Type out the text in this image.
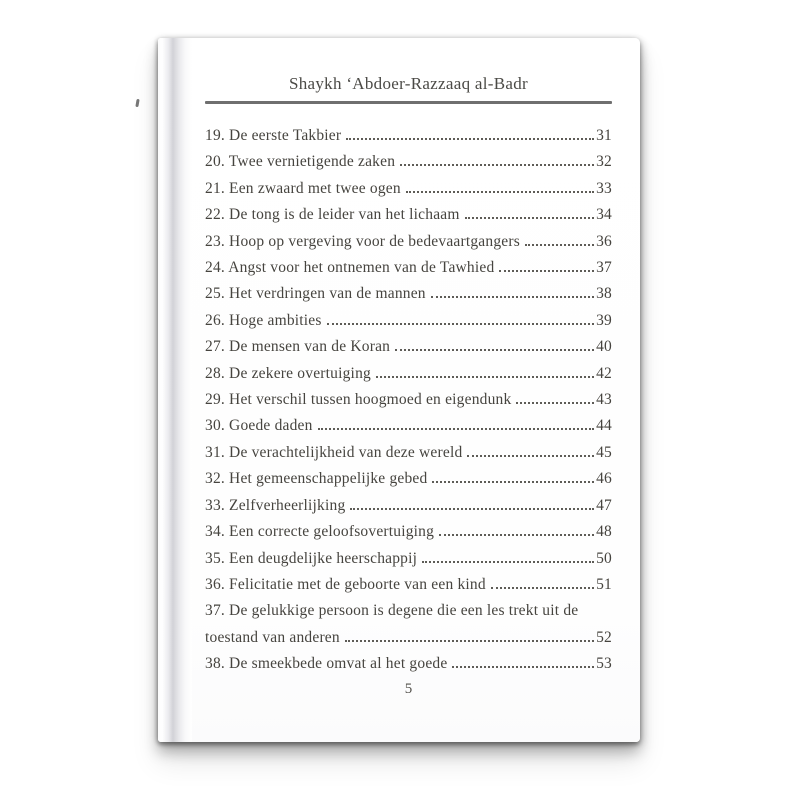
Shaykh ‘Abdoer-Razzaaq al-Badr
19. De eerste Takbier	31
20. Twee vernietigende zaken	32
21. Een zwaard met twee ogen	33
22. De tong is de leider van het lichaam	34
23. Hoop op vergeving voor de bedevaartgangers	36
24. Angst voor het ontnemen van de Tawhied	37
25. Het verdringen van de mannen	38
26. Hoge ambities	39
27. De mensen van de Koran	40
28. De zekere overtuiging	42
29. Het verschil tussen hoogmoed en eigendunk	43
30. Goede daden	44
31. De verachtelijkheid van deze wereld	45
32. Het gemeenschappelijke gebed	46
33. Zelfverheerlijking	47
34. Een correcte geloofsovertuiging	48
35. Een deugdelijke heerschappij	50
36. Felicitatie met de geboorte van een kind	51
37. De gelukkige persoon is degene die een les trekt uit de
toestand van anderen	52
38. De smeekbede omvat al het goede	53
5
